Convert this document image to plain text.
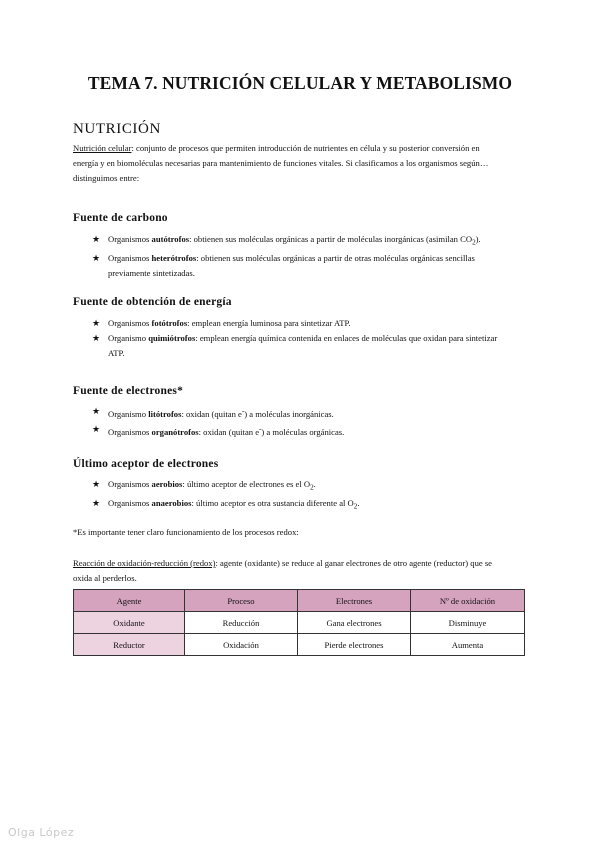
TEMA 7. NUTRICIÓN CELULAR Y METABOLISMO
NUTRICIÓN
Nutrición celular: conjunto de procesos que permiten introducción de nutrientes en célula y su posterior conversión en
energía y en biomoléculas necesarias para mantenimiento de funciones vitales. Si clasificamos a los organismos según…
distinguimos entre:
Fuente de carbono
★ Organismos autótrofos: obtienen sus moléculas orgánicas a partir de moléculas inorgánicas (asimilan $CO_2$).
★ Organismos heterótrofos: obtienen sus moléculas orgánicas a partir de otras moléculas orgánicas sencillas
previamente sintetizadas.
Fuente de obtención de energía
★ Organismos fotótrofos: emplean energía luminosa para sintetizar ATP.
★ Organismo quimiótrofos: emplean energía química contenida en enlaces de moléculas que oxidan para sintetizar
ATP.
Fuente de electrones*
★ Organismo litótrofos: oxidan (quitan e-) a moléculas inorgánicas.
★ Organismos organótrofos: oxidan (quitan e-) a moléculas orgánicas.
Último aceptor de electrones
★ Organismos aerobios: último aceptor de electrones es el $O_2$.
★ Organismos anaerobios: último aceptor es otra sustancia diferente al $O_2$.
*Es importante tener claro funcionamiento de los procesos redox:
Reacción de oxidación-reducción (redox): agente (oxidante) se reduce al ganar electrones de otro agente (reductor) que se
oxida al perderlos.
Agente	Proceso	Electrones	Nº de oxidación
Oxidante	Reducción	Gana electrones	Disminuye
Reductor	Oxidación	Pierde electrones	Aumenta
Olga López
